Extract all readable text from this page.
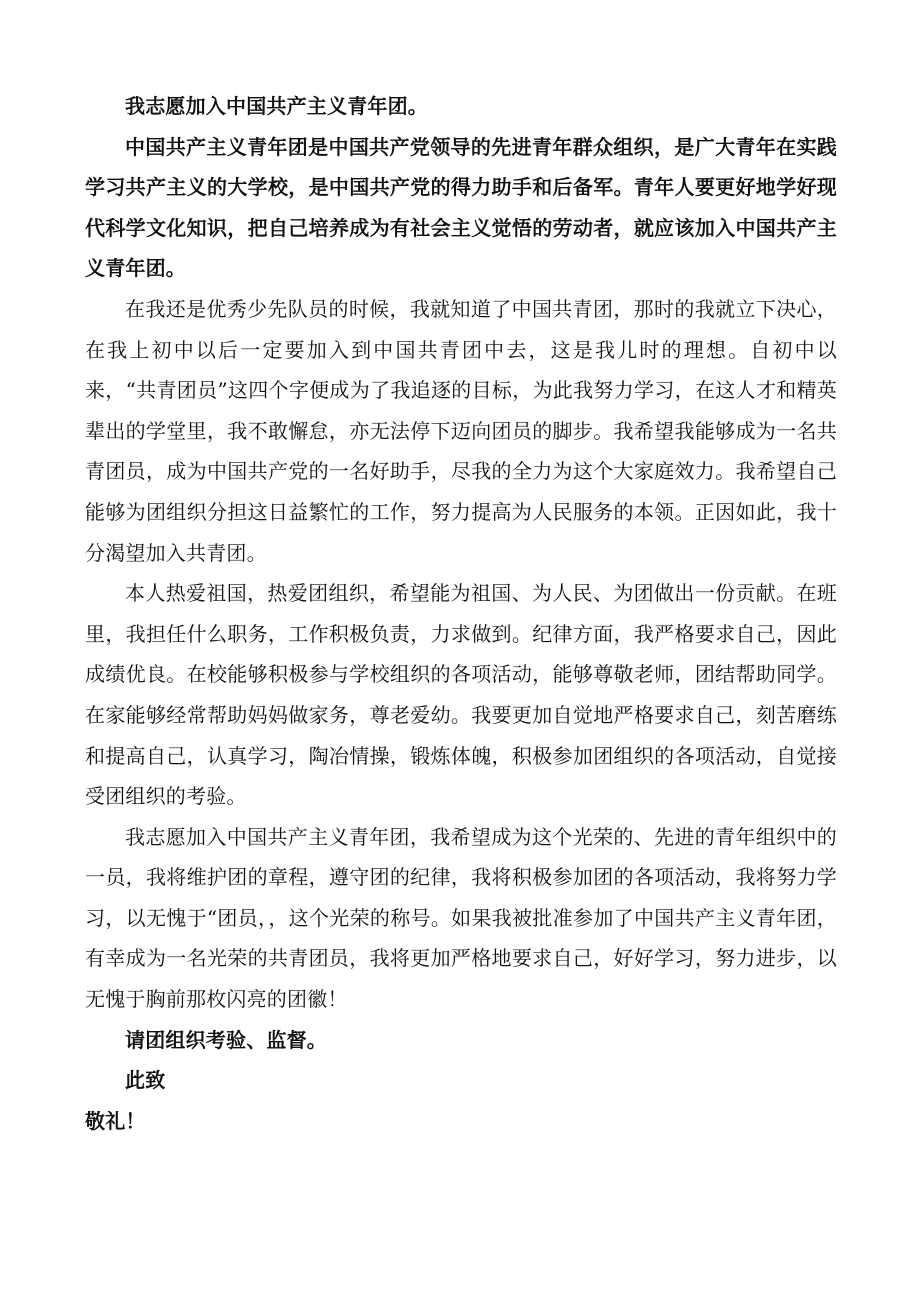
我志愿加入中国共产主义青年团。

中国共产主义青年团是中国共产党领导的先进青年群众组织，是广大青年在实践学习共产主义的大学校，是中国共产党的得力助手和后备军。青年人要更好地学好现代科学文化知识，把自己培养成为有社会主义觉悟的劳动者，就应该加入中国共产主义青年团。

在我还是优秀少先队员的时候，我就知道了中国共青团，那时的我就立下决心，在我上初中以后一定要加入到中国共青团中去，这是我儿时的理想。自初中以来，“共青团员”这四个字便成为了我追逐的目标，为此我努力学习，在这人才和精英辈出的学堂里，我不敢懈怠，亦无法停下迈向团员的脚步。我希望我能够成为一名共青团员，成为中国共产党的一名好助手，尽我的全力为这个大家庭效力。我希望自己能够为团组织分担这日益繁忙的工作，努力提高为人民服务的本领。正因如此，我十分渴望加入共青团。

本人热爱祖国，热爱团组织，希望能为祖国、为人民、为团做出一份贡献。在班里，我担任什么职务，工作积极负责，力求做到。纪律方面，我严格要求自己，因此成绩优良。在校能够积极参与学校组织的各项活动，能够尊敬老师，团结帮助同学。在家能够经常帮助妈妈做家务，尊老爱幼。我要更加自觉地严格要求自己，刻苦磨练和提高自己，认真学习，陶冶情操，锻炼体魄，积极参加团组织的各项活动，自觉接受团组织的考验。

我志愿加入中国共产主义青年团，我希望成为这个光荣的、先进的青年组织中的一员，我将维护团的章程，遵守团的纪律，我将积极参加团的各项活动，我将努力学习，以无愧于“团员，，这个光荣的称号。如果我被批准参加了中国共产主义青年团，有幸成为一名光荣的共青团员，我将更加严格地要求自己，好好学习，努力进步，以无愧于胸前那枚闪亮的团徽！

请团组织考验、监督。

此致

敬礼！
